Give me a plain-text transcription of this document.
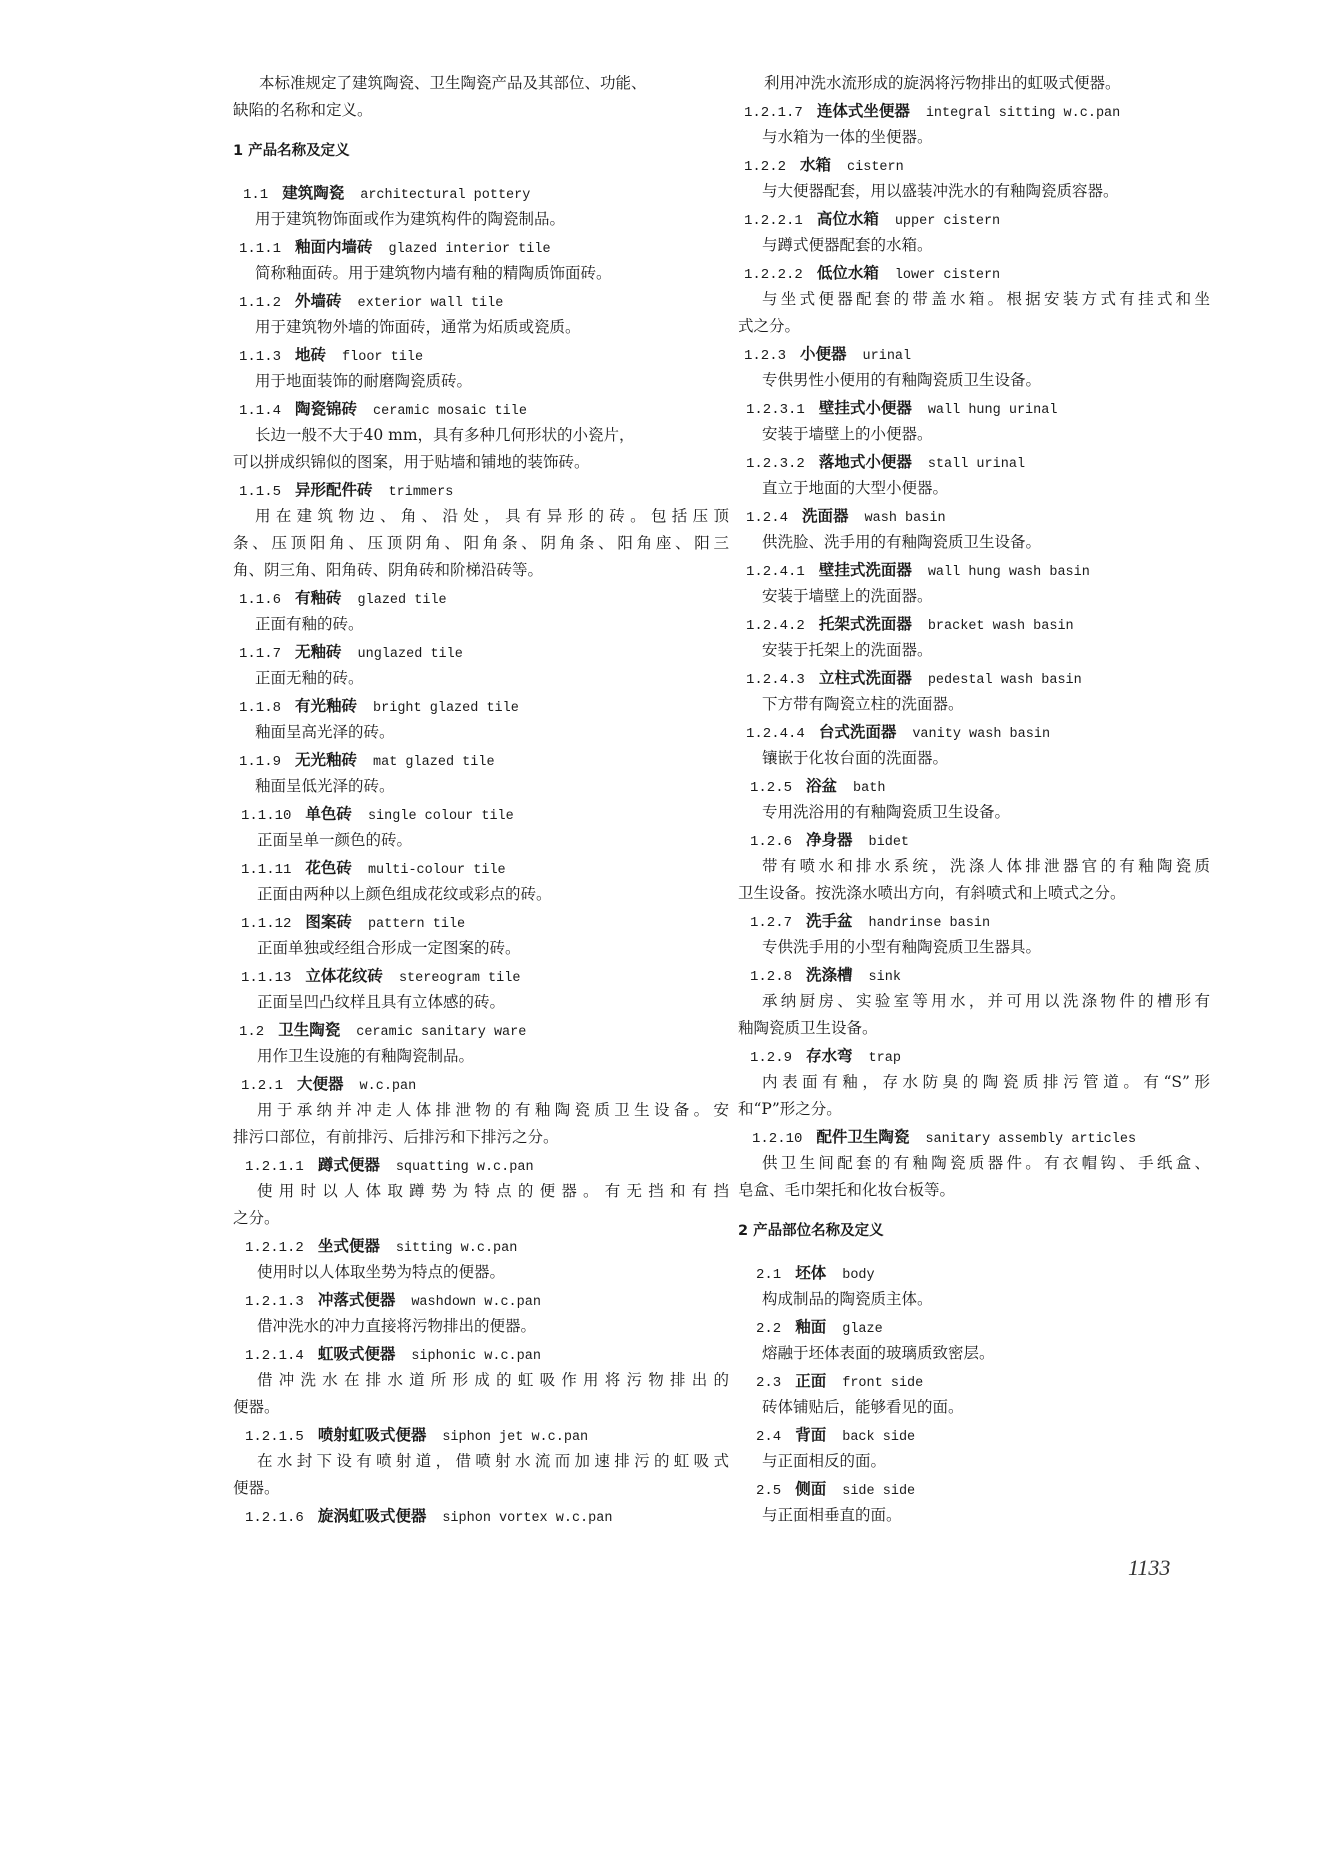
本标准规定了建筑陶瓷、卫生陶瓷产品及其部位、功能、
缺陷的名称和定义。
1 产品名称及定义
1.1 建筑陶瓷 architectural pottery
用于建筑物饰面或作为建筑构件的陶瓷制品。
1.1.1 釉面内墙砖 glazed interior tile
简称釉面砖。用于建筑物内墙有釉的精陶质饰面砖。
1.1.2 外墙砖 exterior wall tile
用于建筑物外墙的饰面砖，通常为炻质或瓷质。
1.1.3 地砖 floor tile
用于地面装饰的耐磨陶瓷质砖。
1.1.4 陶瓷锦砖 ceramic mosaic tile
长边一般不大于40 mm，具有多种几何形状的小瓷片，
可以拼成织锦似的图案，用于贴墙和铺地的装饰砖。
1.1.5 异形配件砖 trimmers
用在建筑物边、角、沿处，具有异形的砖。包括压顶
条、压顶阳角、压顶阴角、阳角条、阴角条、阳角座、阳三
角、阴三角、阳角砖、阴角砖和阶梯沿砖等。
1.1.6 有釉砖 glazed tile
正面有釉的砖。
1.1.7 无釉砖 unglazed tile
正面无釉的砖。
1.1.8 有光釉砖 bright glazed tile
釉面呈高光泽的砖。
1.1.9 无光釉砖 mat glazed tile
釉面呈低光泽的砖。
1.1.10 单色砖 single colour tile
正面呈单一颜色的砖。
1.1.11 花色砖 multi-colour tile
正面由两种以上颜色组成花纹或彩点的砖。
1.1.12 图案砖 pattern tile
正面单独或经组合形成一定图案的砖。
1.1.13 立体花纹砖 stereogram tile
正面呈凹凸纹样且具有立体感的砖。
1.2 卫生陶瓷 ceramic sanitary ware
用作卫生设施的有釉陶瓷制品。
1.2.1 大便器 w.c.pan
用于承纳并冲走人体排泄物的有釉陶瓷质卫生设备。安
排污口部位，有前排污、后排污和下排污之分。
1.2.1.1 蹲式便器 squatting w.c.pan
使用时以人体取蹲势为特点的便器。有无挡和有挡
之分。
1.2.1.2 坐式便器 sitting w.c.pan
使用时以人体取坐势为特点的便器。
1.2.1.3 冲落式便器 washdown w.c.pan
借冲洗水的冲力直接将污物排出的便器。
1.2.1.4 虹吸式便器 siphonic w.c.pan
借冲洗水在排水道所形成的虹吸作用将污物排出的
便器。
1.2.1.5 喷射虹吸式便器 siphon jet w.c.pan
在水封下设有喷射道，借喷射水流而加速排污的虹吸式
便器。
1.2.1.6 旋涡虹吸式便器 siphon vortex w.c.pan
利用冲洗水流形成的旋涡将污物排出的虹吸式便器。
1.2.1.7 连体式坐便器 integral sitting w.c.pan
与水箱为一体的坐便器。
1.2.2 水箱 cistern
与大便器配套，用以盛装冲洗水的有釉陶瓷质容器。
1.2.2.1 高位水箱 upper cistern
与蹲式便器配套的水箱。
1.2.2.2 低位水箱 lower cistern
与坐式便器配套的带盖水箱。根据安装方式有挂式和坐
式之分。
1.2.3 小便器 urinal
专供男性小便用的有釉陶瓷质卫生设备。
1.2.3.1 壁挂式小便器 wall hung urinal
安装于墙壁上的小便器。
1.2.3.2 落地式小便器 stall urinal
直立于地面的大型小便器。
1.2.4 洗面器 wash basin
供洗脸、洗手用的有釉陶瓷质卫生设备。
1.2.4.1 壁挂式洗面器 wall hung wash basin
安装于墙壁上的洗面器。
1.2.4.2 托架式洗面器 bracket wash basin
安装于托架上的洗面器。
1.2.4.3 立柱式洗面器 pedestal wash basin
下方带有陶瓷立柱的洗面器。
1.2.4.4 台式洗面器 vanity wash basin
镶嵌于化妆台面的洗面器。
1.2.5 浴盆 bath
专用洗浴用的有釉陶瓷质卫生设备。
1.2.6 净身器 bidet
带有喷水和排水系统，洗涤人体排泄器官的有釉陶瓷质
卫生设备。按洗涤水喷出方向，有斜喷式和上喷式之分。
1.2.7 洗手盆 handrinse basin
专供洗手用的小型有釉陶瓷质卫生器具。
1.2.8 洗涤槽 sink
承纳厨房、实验室等用水，并可用以洗涤物件的槽形有
釉陶瓷质卫生设备。
1.2.9 存水弯 trap
内表面有釉，存水防臭的陶瓷质排污管道。有“S”形
和“P”形之分。
1.2.10 配件卫生陶瓷 sanitary assembly articles
供卫生间配套的有釉陶瓷质器件。有衣帽钩、手纸盒、
皂盒、毛巾架托和化妆台板等。
2 产品部位名称及定义
2.1 坯体 body
构成制品的陶瓷质主体。
2.2 釉面 glaze
熔融于坯体表面的玻璃质致密层。
2.3 正面 front side
砖体铺贴后，能够看见的面。
2.4 背面 back side
与正面相反的面。
2.5 侧面 side side
与正面相垂直的面。
1133
